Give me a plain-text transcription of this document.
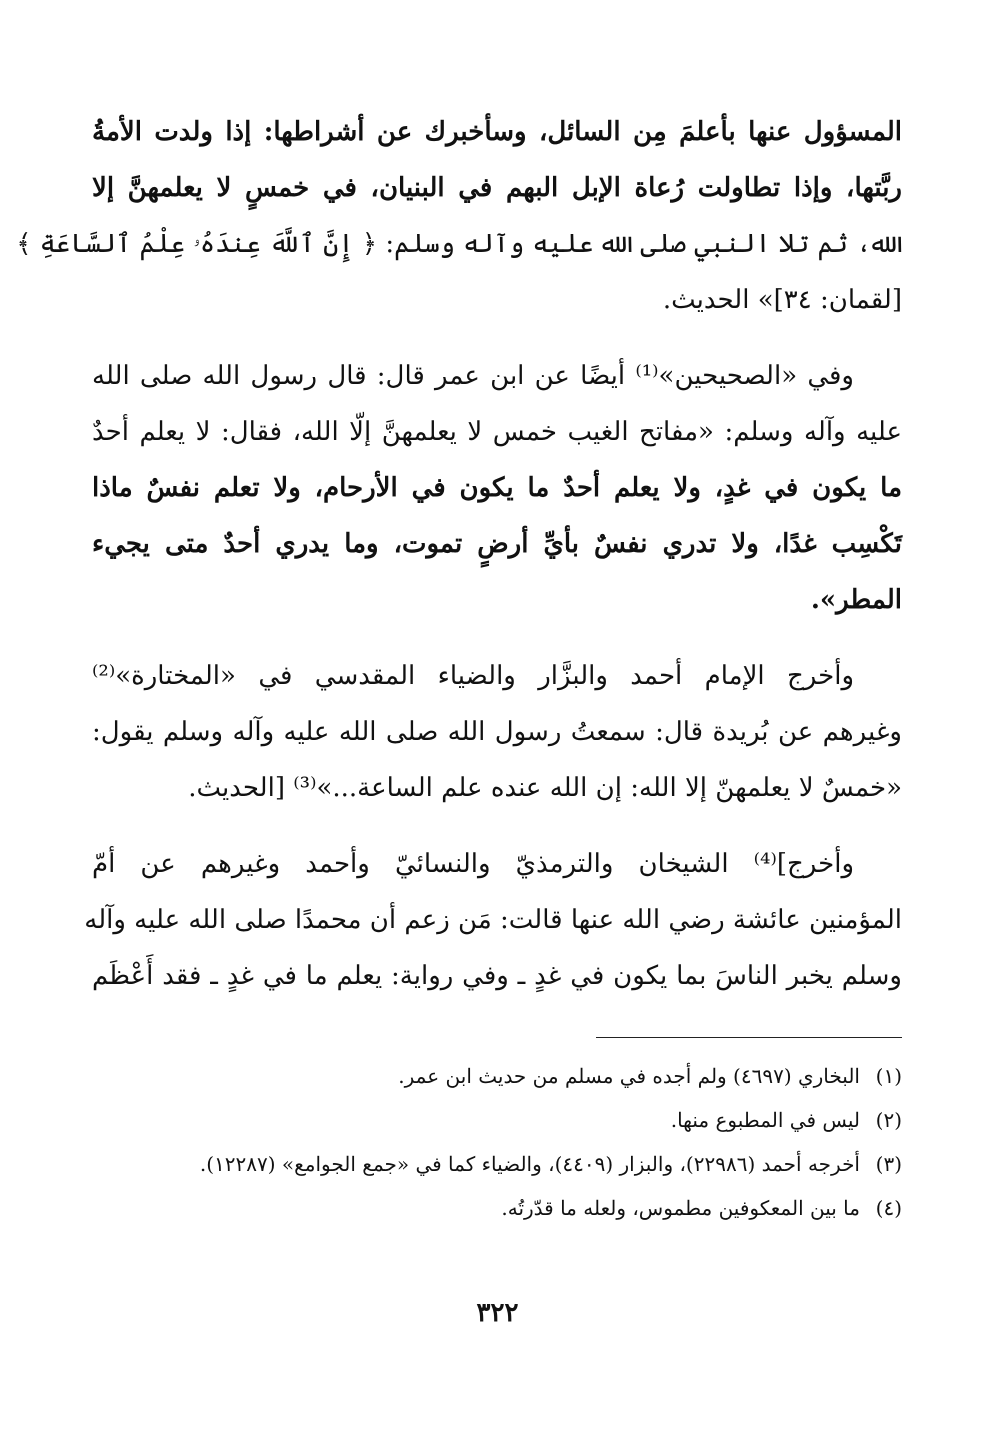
المسؤول عنها بأعلمَ مِن السائل، وسأخبرك عن أشراطها: إذا ولدت الأمةُ
ربَّتها، وإذا تطاولت رُعاة الإبل البهم في البنيان، في خمسٍ لا يعلمهنَّ إلا
الله، ثم تلا النبي صلى الله عليه وآله وسلم: ﴿ إِنَّ ٱللَّهَ عِندَهُۥ عِلْمُ ٱلسَّاعَةِ ﴾
[لقمان: ٣٤]» الحديث.

وفي «الصحيحين»⁽¹⁾ أيضًا عن ابن عمر قال: قال رسول الله صلى الله
عليه وآله وسلم: «مفاتح الغيب خمس لا يعلمهنَّ إلّا الله، فقال: لا يعلم أحدٌ
ما يكون في غدٍ، ولا يعلم أحدٌ ما يكون في الأرحام، ولا تعلم نفسٌ ماذا
تَكْسِب غدًا، ولا تدري نفسٌ بأيِّ أرضٍ تموت، وما يدري أحدٌ متى يجيء
المطر».

وأخرج الإمام أحمد والبزَّار والضياء المقدسي في «المختارة»⁽²⁾
وغيرهم عن بُريدة قال: سمعتُ رسول الله صلى الله عليه وآله وسلم يقول:
«خمسٌ لا يعلمهنّ إلا الله: إن الله عنده علم الساعة...»⁽³⁾ [الحديث.

وأخرج]⁽⁴⁾ الشيخان والترمذيّ والنسائيّ وأحمد وغيرهم عن أمّ
المؤمنين عائشة رضي الله عنها قالت: مَن زعم أن محمدًا صلى الله عليه وآله
وسلم يخبر الناسَ بما يكون في غدٍ ـ وفي رواية: يعلم ما في غدٍ ـ فقد أَعْظَم

(١)
البخاري (٤٦٩٧) ولم أجده في مسلم من حديث ابن عمر.
(٢)
ليس في المطبوع منها.
(٣)
أخرجه أحمد (٢٢٩٨٦)، والبزار (٤٤٠٩)، والضياء كما في «جمع الجوامع» (١٢٢٨٧).
(٤)
ما بين المعكوفين مطموس، ولعله ما قدّرتُه.
٣٢٢
